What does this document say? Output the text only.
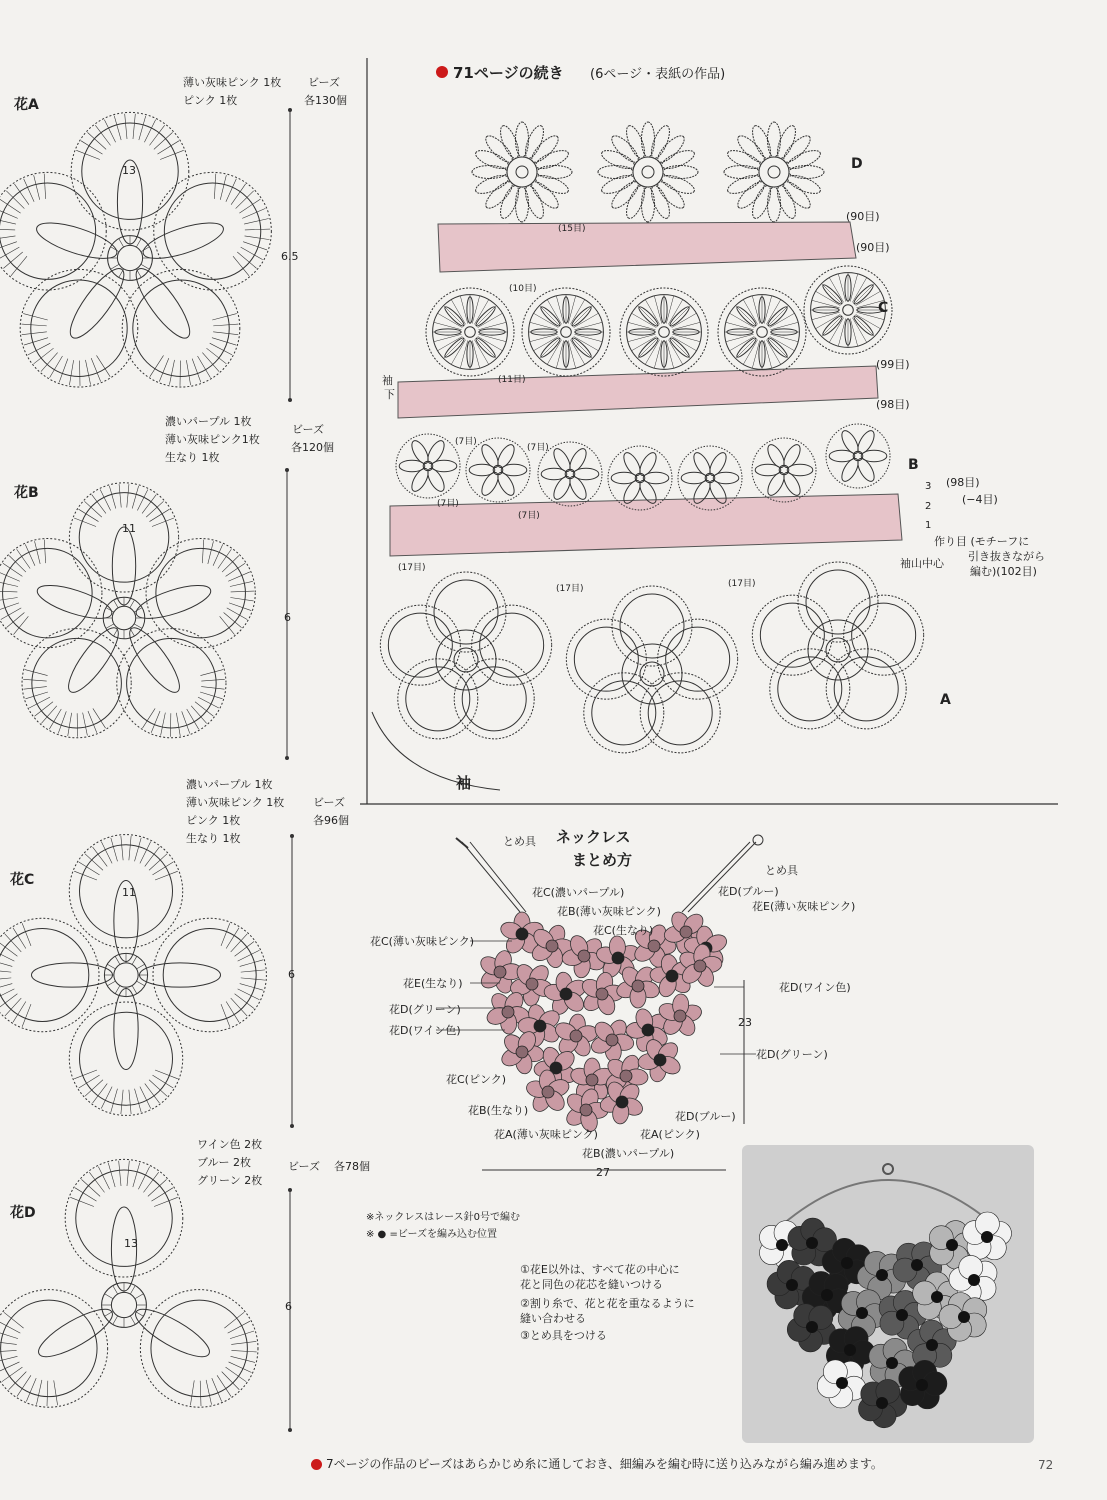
花A
薄い灰味ピンク 1枚
ピンク 1枚
ビーズ
各130個
6.5
13
花B
濃いパープル 1枚
薄い灰味ピンク1枚
生なり 1枚
ビーズ
各120個
6
11
花C
濃いパープル 1枚
薄い灰味ピンク 1枚
ピンク 1枚
生なり 1枚
ビーズ
各96個
6
11
花D
ワイン色 2枚
ブルー 2枚
グリーン 2枚
ビーズ 各78個
6
13
71ページの続き (6ページ・表紙の作品)
D
C
B
A
(15目)
(10目)
(11目)
(7目)
(7目)
(7目)
(7目)
(17目)
(17目)	(17目)
(90目)
(90目)
(99目)
(98目)
(98目)
(−4目)
3
2
1
袖
下
作り目 (モチーフに
引き抜きながら
編む)(102目)
袖山中心
袖
ネックレス
まとめ方
とめ具
とめ具
花C(濃いパープル)
花B(薄い灰味ピンク)
花C(生なり)
花C(薄い灰味ピンク)
花E(生なり)
花D(グリーン)
花D(ワイン色)
花C(ピンク)
花B(生なり)
花A(薄い灰味ピンク)
花B(濃いパープル)
花A(ピンク)
花D(ブルー)
花D(グリーン)
花D(ワイン色)
花E(薄い灰味ピンク)
花D(ブルー)
23
27
※ネックレスはレース針0号で編む
※ ● =ビーズを編み込む位置
①花E以外は、すべて花の中心に
花と同色の花芯を縫いつける
②割り糸で、花と花を重なるように
縫い合わせる
③とめ具をつける
7ページの作品のビーズはあらかじめ糸に通しておき、細編みを編む時に送り込みながら編み進めます。	72
